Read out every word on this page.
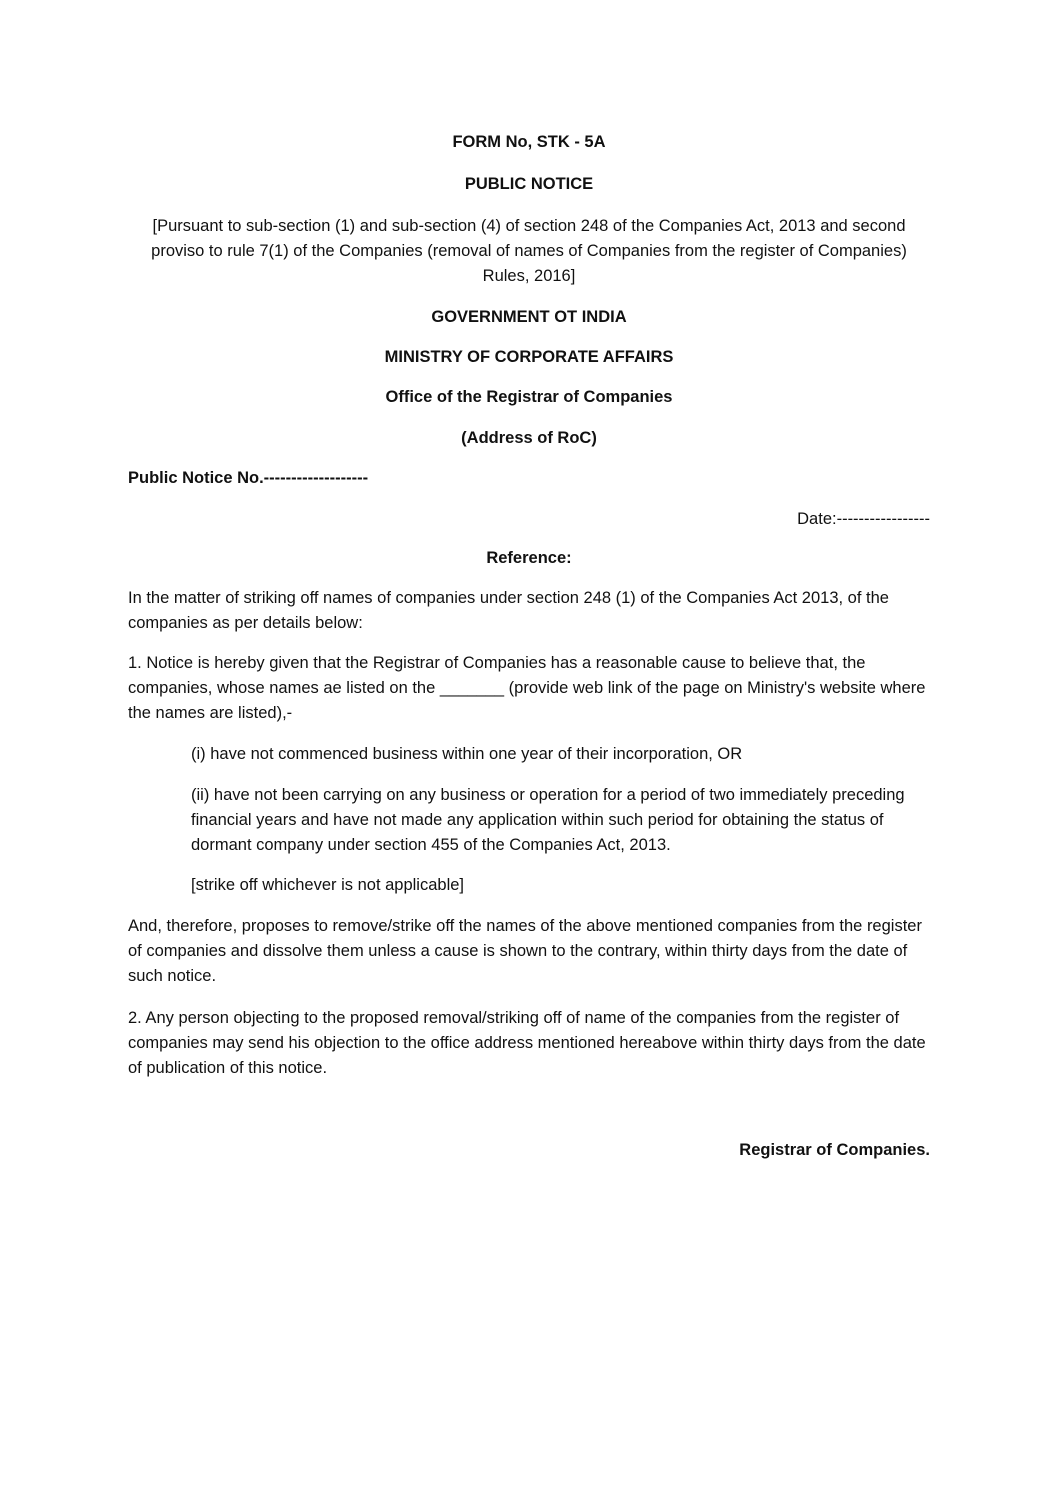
FORM No, STK - 5A
PUBLIC NOTICE
[Pursuant to sub-section (1) and sub-section (4) of section 248 of the Companies Act, 2013 and second proviso to rule 7(1) of the Companies (removal of names of Companies from the register of Companies) Rules, 2016]
GOVERNMENT OT INDIA
MINISTRY OF CORPORATE AFFAIRS
Office of the Registrar of Companies
(Address of RoC)
Public Notice No.-------------------
Date:-----------------
Reference:
In the matter of striking off names of companies under section 248 (1) of the Companies Act 2013, of the companies as per details below:
1. Notice is hereby given that the Registrar of Companies has a reasonable cause to believe that, the companies, whose names ae listed on the _______ (provide web link of the page on Ministry's website where the names are listed),-
(i) have not commenced business within one year of their incorporation, OR
(ii) have not been carrying on any business or operation for a period of two immediately preceding financial years and have not made any application within such period for obtaining the status of dormant company under section 455 of the Companies Act, 2013.
[strike off whichever is not applicable]
And, therefore, proposes to remove/strike off the names of the above mentioned companies from the register of companies and dissolve them unless a cause is shown to the contrary, within thirty days from the date of such notice.
2. Any person objecting to the proposed removal/striking off of name of the companies from the register of companies may send his objection to the office address mentioned hereabove within thirty days from the date of publication of this notice.
Registrar of Companies.
